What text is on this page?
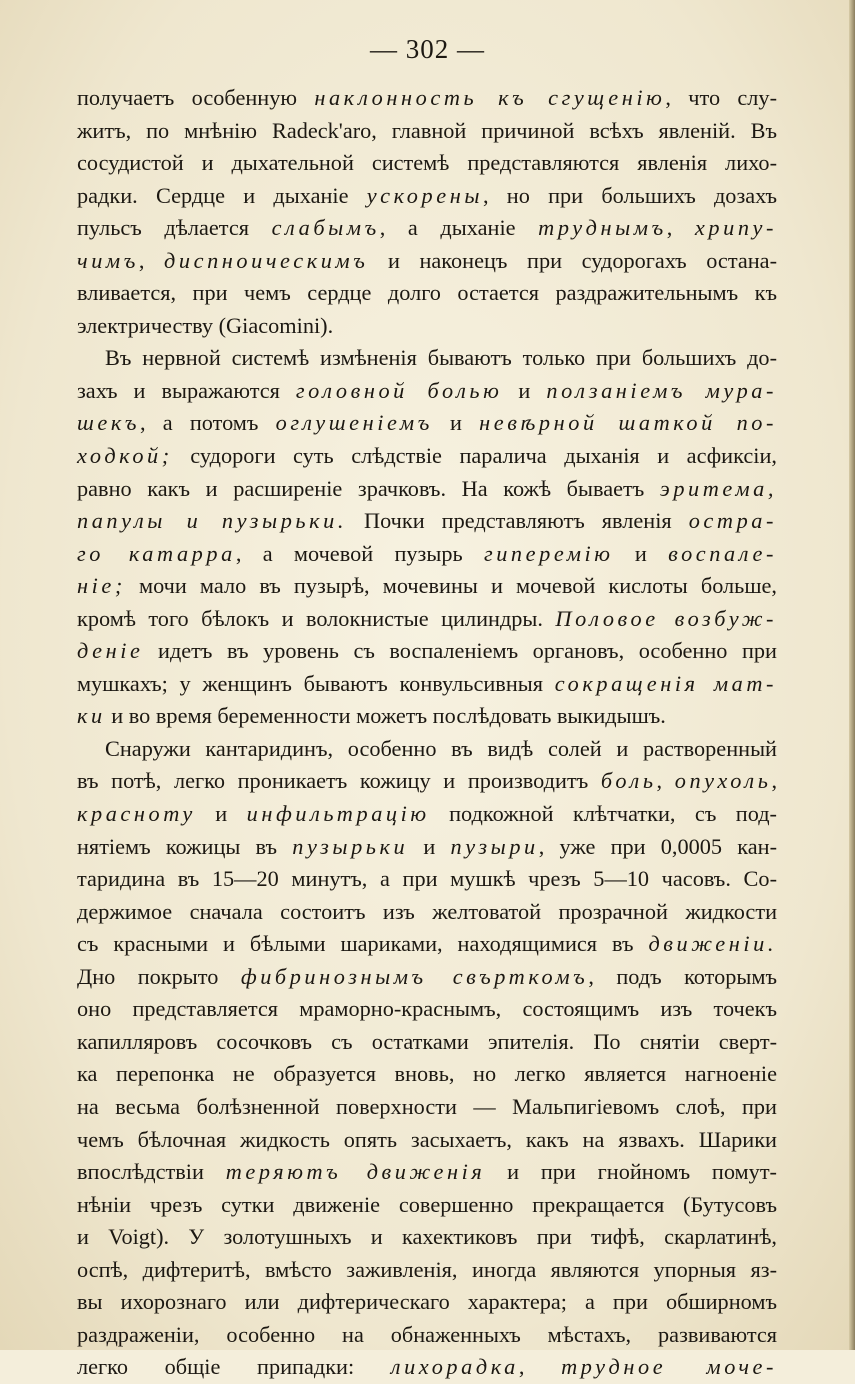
— 302 —
получаетъ особенную наклонность къ сгущенію, что слу-
житъ, по мнѣнію Radeck'aro, главной причиной всѣхъ явленій. Въ
сосудистой и дыхательной системѣ представляются явленія лихо-
радки. Сердце и дыханіе ускорены, но при большихъ дозахъ
пульсъ дѣлается слабымъ, а дыханіе труднымъ, хрипу-
чимъ, диспноическимъ и наконецъ при судорогахъ остана-
вливается, при чемъ сердце долго остается раздражительнымъ къ
электричеству (Giacomini).
Въ нервной системѣ измѣненія бываютъ только при большихъ до-
захъ и выражаются головной болью и ползаніемъ мура-
шекъ, а потомъ оглушеніемъ и невѣрной шаткой по-
ходкой; судороги суть слѣдствіе паралича дыханія и асфиксіи,
равно какъ и расширеніе зрачковъ. На кожѣ бываетъ эритема,
папулы и пузырьки. Почки представляютъ явленія остра-
го катарра, а мочевой пузырь гиперемію и воспале-
ніе; мочи мало въ пузырѣ, мочевины и мочевой кислоты больше,
кромѣ того бѣлокъ и волокнистые цилиндры. Половое возбуж-
деніе идетъ въ уровень съ воспаленіемъ органовъ, особенно при
мушкахъ; у женщинъ бываютъ конвульсивныя сокращенія мат-
ки и во время беременности можетъ послѣдовать выкидышъ.
Снаружи кантаридинъ, особенно въ видѣ солей и растворенный
въ потѣ, легко проникаетъ кожицу и производитъ боль, опухоль,
красноту и инфильтрацію подкожной клѣтчатки, съ под-
нятіемъ кожицы въ пузырьки и пузыри, уже при 0,0005 кан-
таридина въ 15—20 минутъ, а при мушкѣ чрезъ 5—10 часовъ. Со-
держимое сначала состоитъ изъ желтоватой прозрачной жидкости
съ красными и бѣлыми шариками, находящимися въ движеніи.
Дно покрыто фибринознымъ свърткомъ, подъ которымъ
оно представляется мраморно-краснымъ, состоящимъ изъ точекъ
капилляровъ сосочковъ съ остатками эпителія. По снятіи сверт-
ка перепонка не образуется вновь, но легко является нагноеніе
на весьма болѣзненной поверхности — Мальпигіевомъ слоѣ, при
чемъ бѣлочная жидкость опять засыхаетъ, какъ на язвахъ. Шарики
впослѣдствіи теряютъ движенія и при гнойномъ помут-
нѣніи чрезъ сутки движеніе совершенно прекращается (Бутусовъ
и Voigt). У золотушныхъ и кахектиковъ при тифѣ, скарлатинѣ,
оспѣ, дифтеритѣ, вмѣсто заживленія, иногда являются упорныя яз-
вы ихорознаго или дифтерическаго характера; а при обширномъ
раздраженіи, особенно на обнаженныхъ мѣстахъ, развиваются
легко общіе припадки: лихорадка, трудное моче-
